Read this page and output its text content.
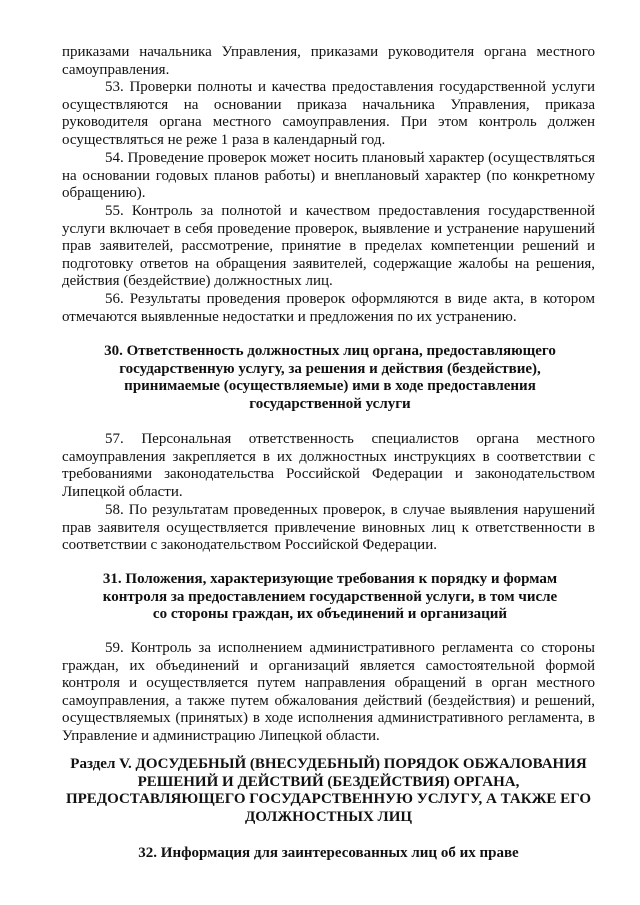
приказами начальника Управления, приказами руководителя органа местного самоуправления.

53. Проверки полноты и качества предоставления государственной услуги осуществляются на основании приказа начальника Управления, приказа руководителя органа местного самоуправления. При этом контроль должен осуществляться не реже 1 раза в календарный год.

54. Проведение проверок может носить плановый характер (осуществляться на основании годовых планов работы) и внеплановый характер (по конкретному обращению).

55. Контроль за полнотой и качеством предоставления государственной услуги включает в себя проведение проверок, выявление и устранение нарушений прав заявителей, рассмотрение, принятие в пределах компетенции решений и подготовку ответов на обращения заявителей, содержащие жалобы на решения, действия (бездействие) должностных лиц.

56. Результаты проведения проверок оформляются в виде акта, в котором отмечаются выявленные недостатки и предложения по их устранению.

30. Ответственность должностных лиц органа, предоставляющего государственную услугу, за решения и действия (бездействие), принимаемые (осуществляемые) ими в ходе предоставления государственной услуги

57. Персональная ответственность специалистов органа местного самоуправления закрепляется в их должностных инструкциях в соответствии с требованиями законодательства Российской Федерации и законодательством Липецкой области.

58. По результатам проведенных проверок, в случае выявления нарушений прав заявителя осуществляется привлечение виновных лиц к ответственности в соответствии с законодательством Российской Федерации.

31. Положения, характеризующие требования к порядку и формам контроля за предоставлением государственной услуги, в том числе со стороны граждан, их объединений и организаций

59. Контроль за исполнением административного регламента со стороны граждан, их объединений и организаций является самостоятельной формой контроля и осуществляется путем направления обращений в орган местного самоуправления, а также путем обжалования действий (бездействия) и решений, осуществляемых (принятых) в ходе исполнения административного регламента, в Управление и администрацию Липецкой области.

Раздел V. ДОСУДЕБНЫЙ (ВНЕСУДЕБНЫЙ) ПОРЯДОК ОБЖАЛОВАНИЯ РЕШЕНИЙ И ДЕЙСТВИЙ (БЕЗДЕЙСТВИЯ) ОРГАНА, ПРЕДОСТАВЛЯЮЩЕГО ГОСУДАРСТВЕННУЮ УСЛУГУ, А ТАКЖЕ ЕГО ДОЛЖНОСТНЫХ ЛИЦ
32. Информация для заинтересованных лиц об их праве
